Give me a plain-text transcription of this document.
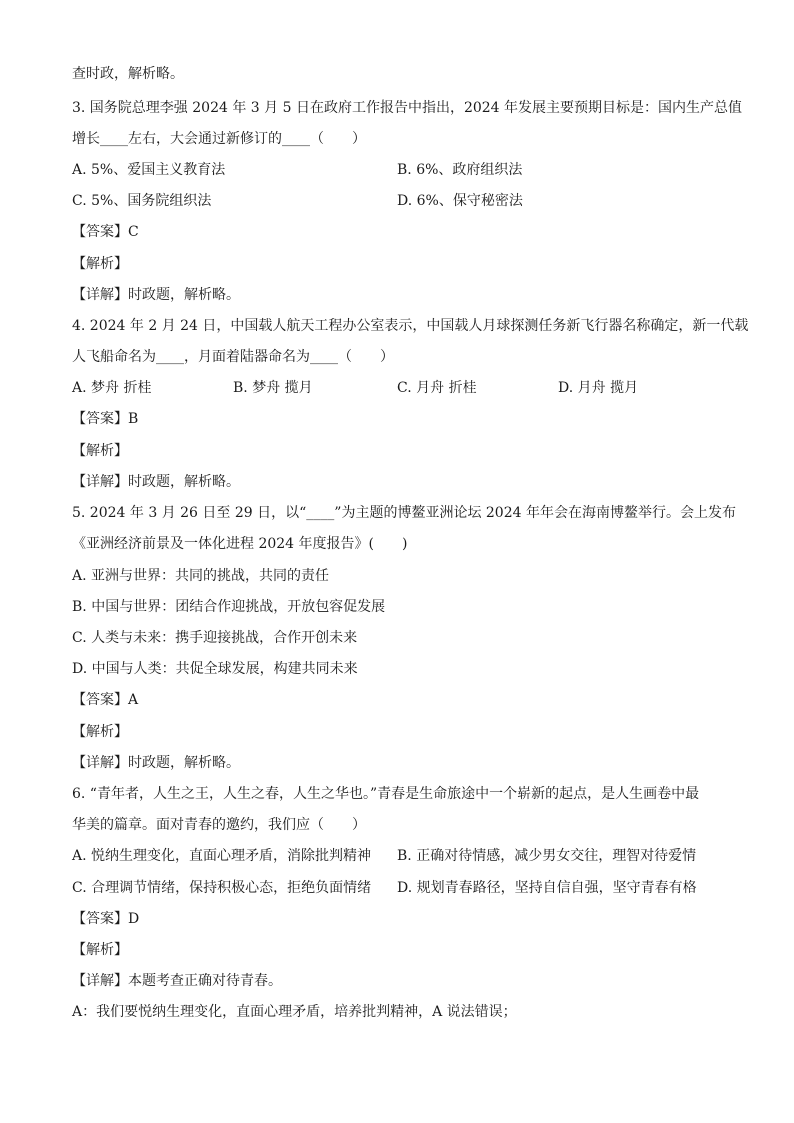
查时政，解析略。
3. 国务院总理李强 2024 年 3 月 5 日在政府工作报告中指出，2024 年发展主要预期目标是：国内生产总值
增长____左右，大会通过新修订的____（　　）
A. 5%、爱国主义教育法	B. 6%、政府组织法
C. 5%、国务院组织法	D. 6%、保守秘密法
【答案】C
【解析】
【详解】时政题，解析略。
4. 2024 年 2 月 24 日，中国载人航天工程办公室表示，中国载人月球探测任务新飞行器名称确定，新一代载
人飞船命名为____，月面着陆器命名为____（　　）
A. 梦舟 折桂	B. 梦舟 揽月	C. 月舟 折桂	D. 月舟 揽月
【答案】B
【解析】
【详解】时政题，解析略。
5. 2024 年 3 月 26 日至 29 日，以“____”为主题的博鳌亚洲论坛 2024 年年会在海南博鳌举行。会上发布
《亚洲经济前景及一体化进程 2024 年度报告》(　　)
A. 亚洲与世界：共同的挑战，共同的责任
B. 中国与世界：团结合作迎挑战，开放包容促发展
C. 人类与未来：携手迎接挑战，合作开创未来
D. 中国与人类：共促全球发展，构建共同未来
【答案】A
【解析】
【详解】时政题，解析略。
6. “青年者，人生之王，人生之春，人生之华也。”青春是生命旅途中一个崭新的起点，是人生画卷中最
华美的篇章。面对青春的邀约，我们应（　　）
A. 悦纳生理变化，直面心理矛盾，消除批判精神 B. 正确对待情感，减少男女交往，理智对待爱情
C. 合理调节情绪，保持积极心态，拒绝负面情绪 D. 规划青春路径，坚持自信自强，坚守青春有格
【答案】D
【解析】
【详解】本题考查正确对待青春。
A：我们要悦纳生理变化，直面心理矛盾，培养批判精神，A 说法错误；
